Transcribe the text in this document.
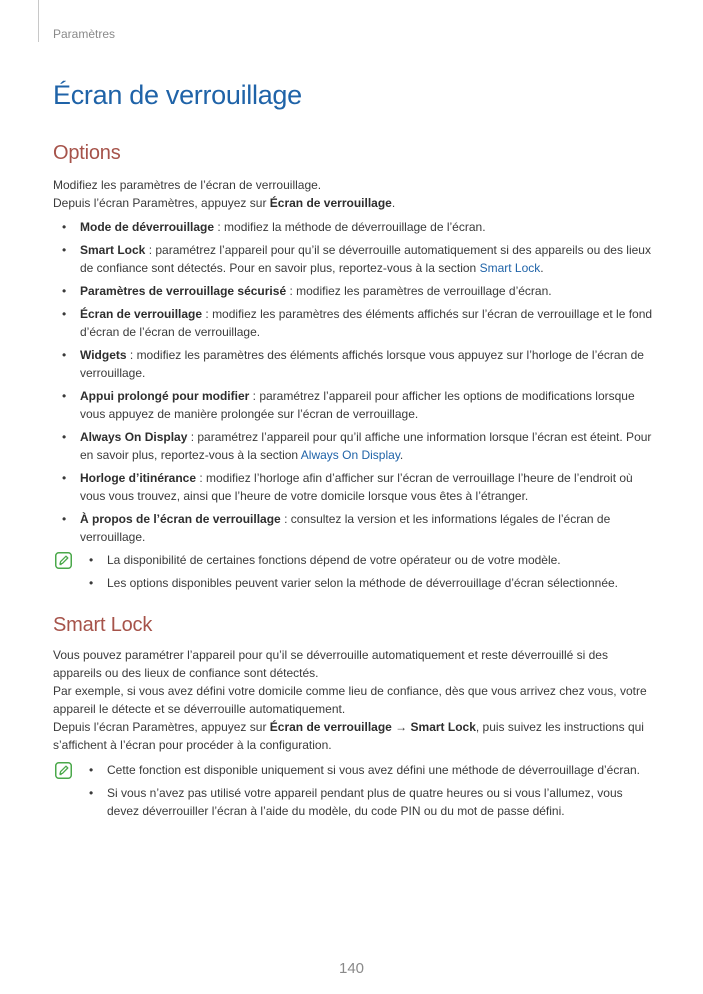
Paramètres
Écran de verrouillage
Options

Modifiez les paramètres de l’écran de verrouillage.

Depuis l’écran Paramètres, appuyez sur Écran de verrouillage.

• Mode de déverrouillage : modifiez la méthode de déverrouillage de l’écran.
• Smart Lock : paramétrez l’appareil pour qu’il se déverrouille automatiquement si des appareils ou des lieux de confiance sont détectés. Pour en savoir plus, reportez-vous à la section Smart Lock.
• Paramètres de verrouillage sécurisé : modifiez les paramètres de verrouillage d’écran.
• Écran de verrouillage : modifiez les paramètres des éléments affichés sur l’écran de verrouillage et le fond d’écran de l’écran de verrouillage.
• Widgets : modifiez les paramètres des éléments affichés lorsque vous appuyez sur l’horloge de l’écran de verrouillage.
• Appui prolongé pour modifier : paramétrez l’appareil pour afficher les options de modifications lorsque vous appuyez de manière prolongée sur l’écran de verrouillage.
• Always On Display : paramétrez l’appareil pour qu’il affiche une information lorsque l’écran est éteint. Pour en savoir plus, reportez-vous à la section Always On Display.
• Horloge d’itinérance : modifiez l’horloge afin d’afficher sur l’écran de verrouillage l’heure de l’endroit où vous vous trouvez, ainsi que l’heure de votre domicile lorsque vous êtes à l’étranger.
• À propos de l’écran de verrouillage : consultez la version et les informations légales de l’écran de verrouillage.
• La disponibilité de certaines fonctions dépend de votre opérateur ou de votre modèle.
• Les options disponibles peuvent varier selon la méthode de déverrouillage d’écran sélectionnée.
Smart Lock

Vous pouvez paramétrer l’appareil pour qu’il se déverrouille automatiquement et reste déverrouillé si des appareils ou des lieux de confiance sont détectés.

Par exemple, si vous avez défini votre domicile comme lieu de confiance, dès que vous arrivez chez vous, votre appareil le détecte et se déverrouille automatiquement.

Depuis l’écran Paramètres, appuyez sur Écran de verrouillage → Smart Lock, puis suivez les instructions qui s’affichent à l’écran pour procéder à la configuration.

• Cette fonction est disponible uniquement si vous avez défini une méthode de déverrouillage d’écran.
• Si vous n’avez pas utilisé votre appareil pendant plus de quatre heures ou si vous l’allumez, vous devez déverrouiller l’écran à l’aide du modèle, du code PIN ou du mot de passe défini.
140
